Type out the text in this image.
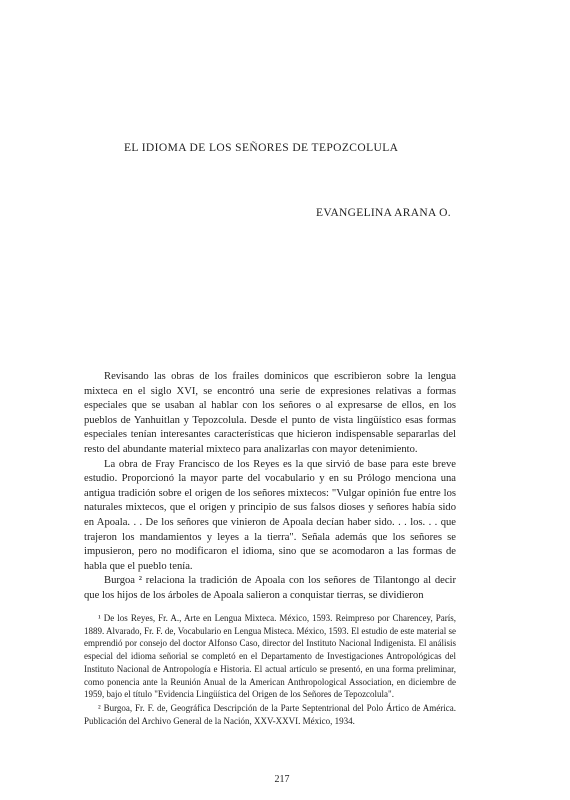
EL IDIOMA DE LOS SEÑORES DE TEPOZCOLULA
EVANGELINA ARANA O.

Revisando las obras de los frailes dominicos que escribieron sobre la lengua mixteca en el siglo XVI, se encontró una serie de expresiones relativas a formas especiales que se usaban al hablar con los señores o al expresarse de ellos, en los pueblos de Yanhuitlan y Tepozcolula. Desde el punto de vista lingüístico esas formas especiales tenían interesantes características que hicieron indispensable separarlas del resto del abundante material mixteco para analizarlas con mayor detenimiento.

La obra de Fray Francisco de los Reyes es la que sirvió de base para este breve estudio. Proporcionó la mayor parte del vocabulario y en su Prólogo menciona una antigua tradición sobre el origen de los señores mixtecos: "Vulgar opinión fue entre los naturales mixtecos, que el origen y principio de sus falsos dioses y señores había sido en Apoala. . . De los señores que vinieron de Apoala decían haber sido. . . los. . . que trajeron los mandamientos y leyes a la tierra". Señala además que los señores se impusieron, pero no modificaron el idioma, sino que se acomodaron a las formas de habla que el pueblo tenía.

Burgoa ² relaciona la tradición de Apoala con los señores de Tilantongo al decir que los hijos de los árboles de Apoala salieron a conquistar tierras, se dividieron

¹ De los Reyes, Fr. A., Arte en Lengua Mixteca. México, 1593. Reimpreso por Charencey, París, 1889. Alvarado, Fr. F. de, Vocabulario en Lengua Misteca. México, 1593. El estudio de este material se emprendió por consejo del doctor Alfonso Caso, director del Instituto Nacional Indigenista. El análisis especial del idioma señorial se completó en el Departamento de Investigaciones Antropológicas del Instituto Nacional de Antropología e Historia. El actual artículo se presentó, en una forma preliminar, como ponencia ante la Reunión Anual de la American Anthropological Association, en diciembre de 1959, bajo el título "Evidencia Lingüística del Origen de los Señores de Tepozcolula".

² Burgoa, Fr. F. de, Geográfica Descripción de la Parte Septentrional del Polo Ártico de América. Publicación del Archivo General de la Nación, XXV-XXVI. México, 1934.

217
